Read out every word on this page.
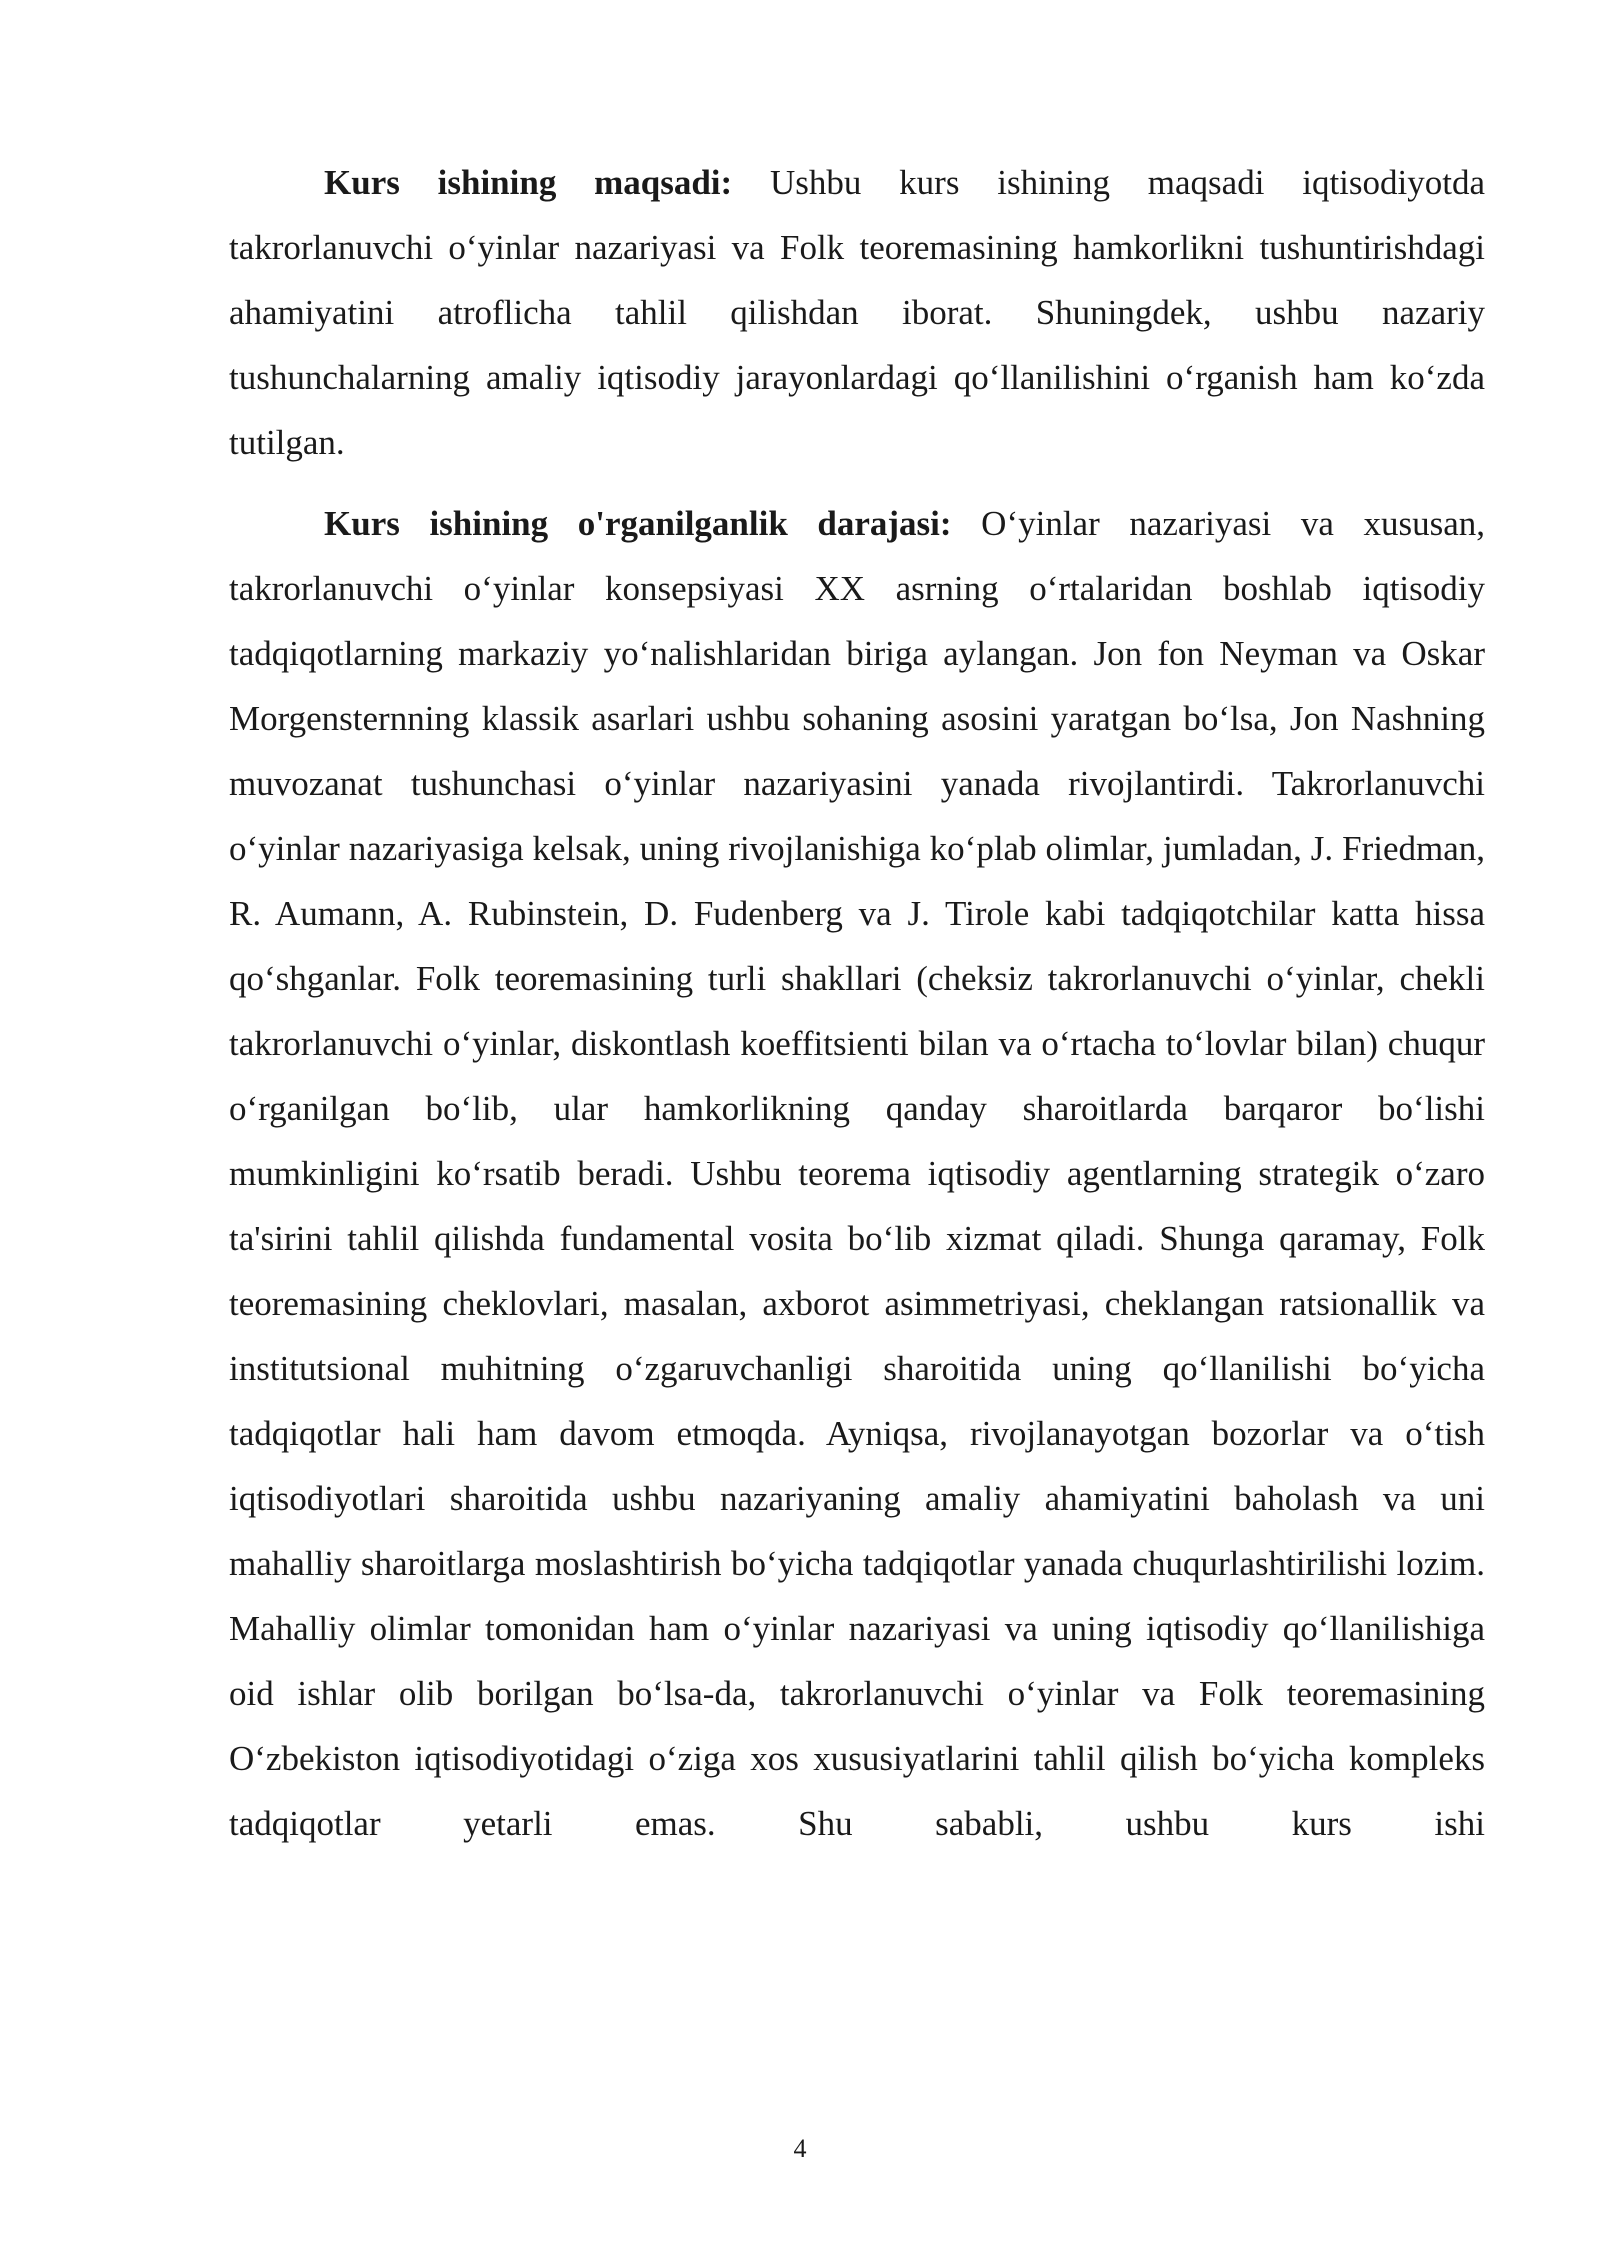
Kurs ishining maqsadi: Ushbu kurs ishining maqsadi iqtisodiyotda takrorlanuvchi o‘yinlar nazariyasi va Folk teoremasining hamkorlikni tushuntirishdagi ahamiyatini atroflicha tahlil qilishdan iborat. Shuningdek, ushbu nazariy tushunchalarning amaliy iqtisodiy jarayonlardagi qo‘llanilishini o‘rganish ham ko‘zda tutilgan.

Kurs ishining o'rganilganlik darajasi: O‘yinlar nazariyasi va xususan, takrorlanuvchi o‘yinlar konsepsiyasi XX asrning o‘rtalaridan boshlab iqtisodiy tadqiqotlarning markaziy yo‘nalishlaridan biriga aylangan. Jon fon Neyman va Oskar Morgensternning klassik asarlari ushbu sohaning asosini yaratgan bo‘lsa, Jon Nashning muvozanat tushunchasi o‘yinlar nazariyasini yanada rivojlantirdi. Takrorlanuvchi o‘yinlar nazariyasiga kelsak, uning rivojlanishiga ko‘plab olimlar, jumladan, J. Friedman, R. Aumann, A. Rubinstein, D. Fudenberg va J. Tirole kabi tadqiqotchilar katta hissa qo‘shganlar. Folk teoremasining turli shakllari (cheksiz takrorlanuvchi o‘yinlar, chekli takrorlanuvchi o‘yinlar, diskontlash koeffitsienti bilan va o‘rtacha to‘lovlar bilan) chuqur o‘rganilgan bo‘lib, ular hamkorlikning qanday sharoitlarda barqaror bo‘lishi mumkinligini ko‘rsatib beradi. Ushbu teorema iqtisodiy agentlarning strategik o‘zaro ta'sirini tahlil qilishda fundamental vosita bo‘lib xizmat qiladi. Shunga qaramay, Folk teoremasining cheklovlari, masalan, axborot asimmetriyasi, cheklangan ratsionallik va institutsional muhitning o‘zgaruvchanligi sharoitida uning qo‘llanilishi bo‘yicha tadqiqotlar hali ham davom etmoqda. Ayniqsa, rivojlanayotgan bozorlar va o‘tish iqtisodiyotlari sharoitida ushbu nazariyaning amaliy ahamiyatini baholash va uni mahalliy sharoitlarga moslashtirish bo‘yicha tadqiqotlar yanada chuqurlashtirilishi lozim. Mahalliy olimlar tomonidan ham o‘yinlar nazariyasi va uning iqtisodiy qo‘llanilishiga oid ishlar olib borilgan bo‘lsa-da, takrorlanuvchi o‘yinlar va Folk teoremasining O‘zbekiston iqtisodiyotidagi o‘ziga xos xususiyatlarini tahlil qilish bo‘yicha kompleks tadqiqotlar yetarli emas. Shu sababli, ushbu kurs ishi

4
